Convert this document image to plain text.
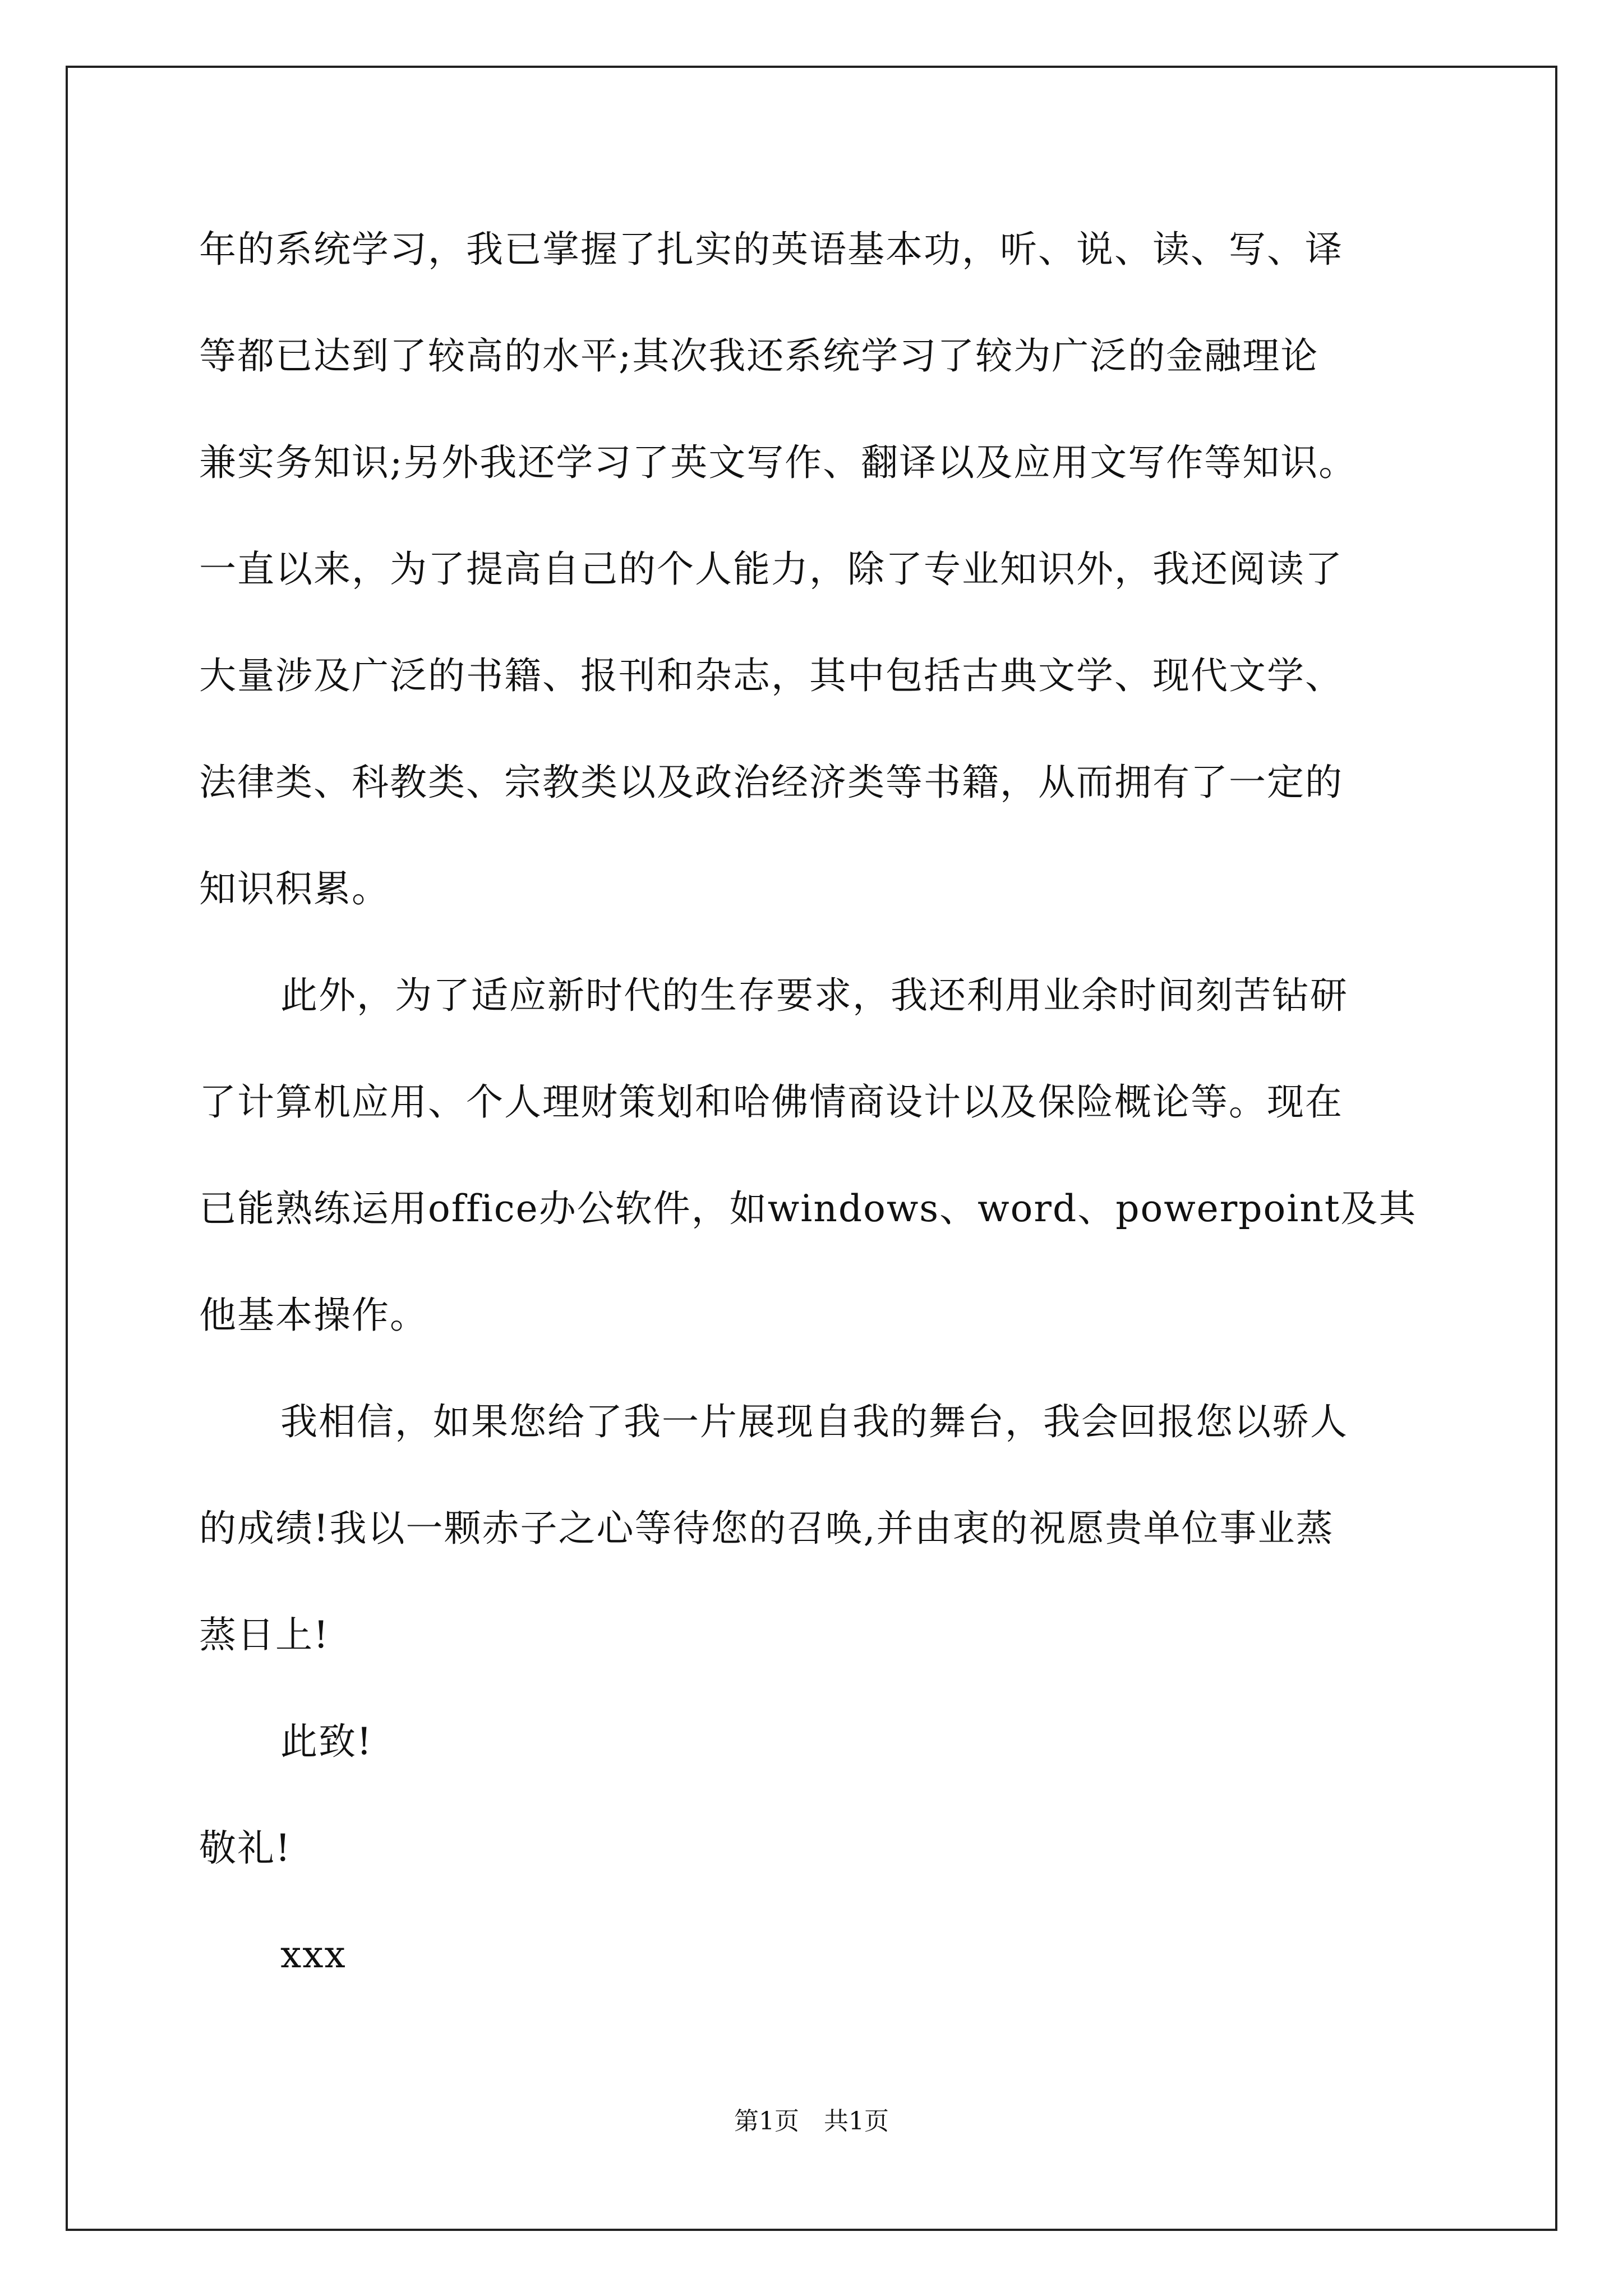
年的系统学习，我已掌握了扎实的英语基本功，听、说、读、写、译
等都已达到了较高的水平;其次我还系统学习了较为广泛的金融理论
兼实务知识;另外我还学习了英文写作、翻译以及应用文写作等知识。
一直以来，为了提高自己的个人能力，除了专业知识外，我还阅读了
大量涉及广泛的书籍、报刊和杂志，其中包括古典文学、现代文学、
法律类、科教类、宗教类以及政治经济类等书籍，从而拥有了一定的
知识积累。
此外，为了适应新时代的生存要求，我还利用业余时间刻苦钻研
了计算机应用、个人理财策划和哈佛情商设计以及保险概论等。现在
已能熟练运用office办公软件，如windows、word、powerpoint及其
他基本操作。
我相信，如果您给了我一片展现自我的舞台，我会回报您以骄人
的成绩!我以一颗赤子之心等待您的召唤,并由衷的祝愿贵单位事业蒸
蒸日上!
此致!
敬礼!
xxx
第1页　共1页
